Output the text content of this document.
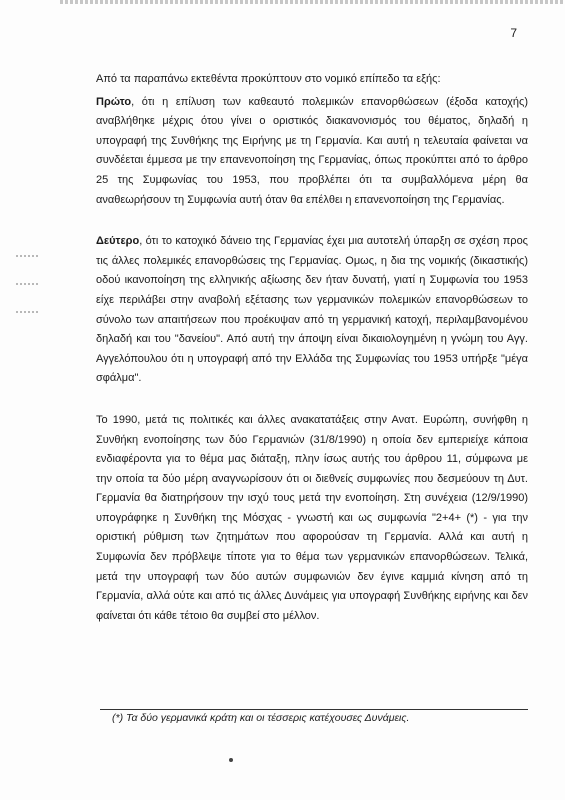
7

Από τα παραπάνω εκτεθέντα προκύπτουν στο νομικό επίπεδο τα εξής:

Πρώτο, ότι η επίλυση των καθεαυτό πολεμικών επανορθώσεων (έξοδα κατοχής) αναβλήθηκε μέχρις ότου γίνει ο οριστικός διακανονισμός του θέματος, δηλαδή η υπογραφή της Συνθήκης της Ειρήνης με τη Γερμανία. Και αυτή η τελευταία φαίνεται να συνδέεται έμμεσα με την επανενοποίηση της Γερμανίας, όπως προκύπτει από το άρθρο 25 της Συμφωνίας του 1953, που προβλέπει ότι τα συμβαλλόμενα μέρη θα αναθεωρήσουν τη Συμφωνία αυτή όταν θα επέλθει η επανενοποίηση της Γερμανίας.

Δεύτερο, ότι το κατοχικό δάνειο της Γερμανίας έχει μια αυτοτελή ύπαρξη σε σχέση προς τις άλλες πολεμικές επανορθώσεις της Γερμανίας. Ομως, η δια της νομικής (δικαστικής) οδού ικανοποίηση της ελληνικής αξίωσης δεν ήταν δυνατή, γιατί η Συμφωνία του 1953 είχε περιλάβει στην αναβολή εξέτασης των γερμανικών πολεμικών επανορθώσεων το σύνολο των απαιτήσεων που προέκυψαν από τη γερμανική κατοχή, περιλαμβανομένου δηλαδή και του "δανείου". Από αυτή την άποψη είναι δικαιολογημένη η γνώμη του Αγγ. Αγγελόπουλου ότι η υπογραφή από την Ελλάδα της Συμφωνίας του 1953 υπήρξε "μέγα σφάλμα".

Το 1990, μετά τις πολιτικές και άλλες ανακατατάξεις στην Ανατ. Ευρώπη, συνήφθη η Συνθήκη ενοποίησης των δύο Γερμανιών (31/8/1990) η οποία δεν εμπεριείχε κάποια ενδιαφέροντα για το θέμα μας διάταξη, πλην ίσως αυτής του άρθρου 11, σύμφωνα με την οποία τα δύο μέρη αναγνωρίσουν ότι οι διεθνείς συμφωνίες που δεσμεύουν τη Δυτ. Γερμανία θα διατηρήσουν την ισχύ τους μετά την ενοποίηση. Στη συνέχεια (12/9/1990) υπογράφηκε η Συνθήκη της Μόσχας - γνωστή και ως συμφωνία "2+4+ (*) - για την οριστική ρύθμιση των ζητημάτων που αφορούσαν τη Γερμανία. Αλλά και αυτή η Συμφωνία δεν πρόβλεψε τίποτε για το θέμα των γερμανικών επανορθώσεων. Τελικά, μετά την υπογραφή των δύο αυτών συμφωνιών δεν έγινε καμμιά κίνηση από τη Γερμανία, αλλά ούτε και από τις άλλες Δυνάμεις για υπογραφή Συνθήκης ειρήνης και δεν φαίνεται ότι κάθε τέτοιο θα συμβεί στο μέλλον.

(*) Τα δύο γερμανικά κράτη και οι τέσσερις κατέχουσες Δυνάμεις.
